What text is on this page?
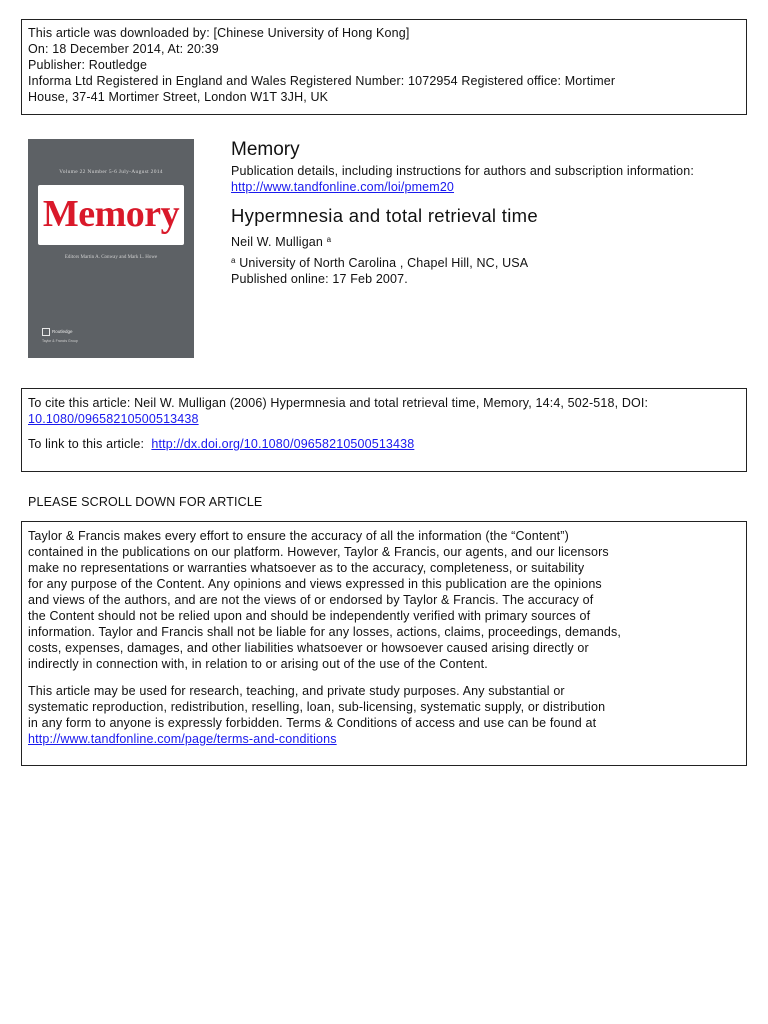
This article was downloaded by: [Chinese University of Hong Kong]
On: 18 December 2014, At: 20:39
Publisher: Routledge
Informa Ltd Registered in England and Wales Registered Number: 1072954 Registered office: Mortimer
House, 37-41 Mortimer Street, London W1T 3JH, UK
Volume 22 Number 5-6 July-August 2014
Memory
Editors Martin A. Conway and Mark L. Howe
Routledge
Taylor & Francis Group
Memory
Publication details, including instructions for authors and subscription information:
http://www.tandfonline.com/loi/pmem20
Hypermnesia and total retrieval time
Neil W. Mulligan $^a$
$^a$ University of North Carolina , Chapel Hill, NC, USA
Published online: 17 Feb 2007.
To cite this article: Neil W. Mulligan (2006) Hypermnesia and total retrieval time, Memory, 14:4, 502-518, DOI:
10.1080/09658210500513438
To link to this article: http://dx.doi.org/10.1080/09658210500513438
PLEASE SCROLL DOWN FOR ARTICLE
Taylor & Francis makes every effort to ensure the accuracy of all the information (the “Content”)
contained in the publications on our platform. However, Taylor & Francis, our agents, and our licensors
make no representations or warranties whatsoever as to the accuracy, completeness, or suitability
for any purpose of the Content. Any opinions and views expressed in this publication are the opinions
and views of the authors, and are not the views of or endorsed by Taylor & Francis. The accuracy of
the Content should not be relied upon and should be independently verified with primary sources of
information. Taylor and Francis shall not be liable for any losses, actions, claims, proceedings, demands,
costs, expenses, damages, and other liabilities whatsoever or howsoever caused arising directly or
indirectly in connection with, in relation to or arising out of the use of the Content.
This article may be used for research, teaching, and private study purposes. Any substantial or
systematic reproduction, redistribution, reselling, loan, sub-licensing, systematic supply, or distribution
in any form to anyone is expressly forbidden. Terms & Conditions of access and use can be found at
http://www.tandfonline.com/page/terms-and-conditions
